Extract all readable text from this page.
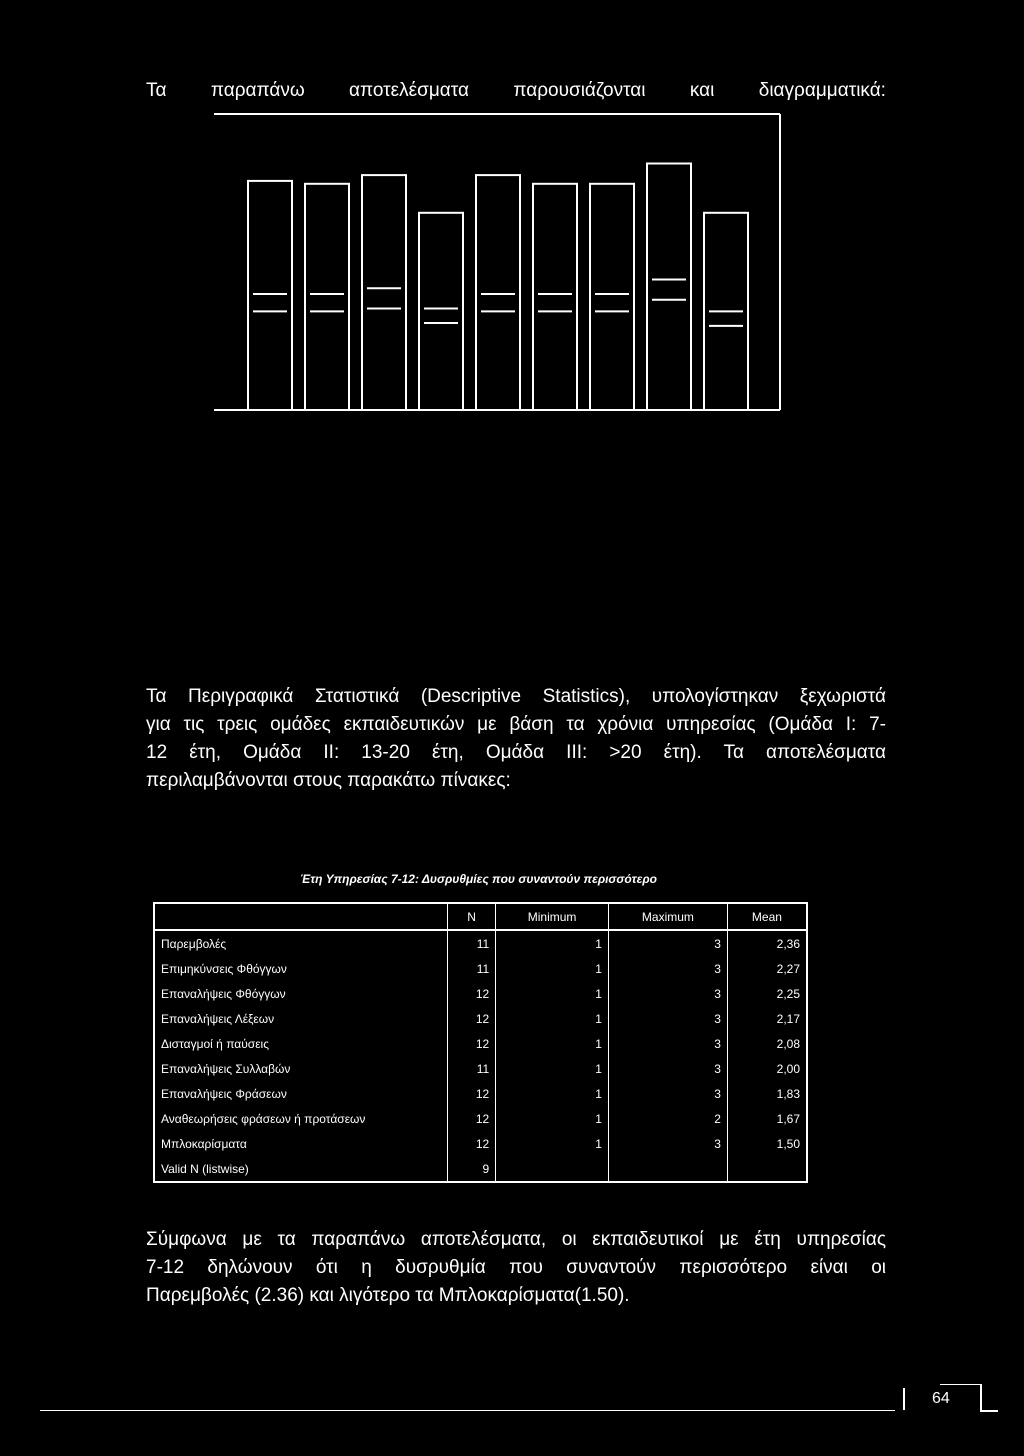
Τα παραπάνω αποτελέσματα παρουσιάζονται και διαγραμματικά:
Τα Περιγραφικά Στατιστικά (Descriptive Statistics), υπολογίστηκαν ξεχωριστά
για τις τρεις ομάδες εκπαιδευτικών με βάση τα χρόνια υπηρεσίας (Ομάδα Ι: 7-
12 έτη, Ομάδα ΙΙ: 13-20 έτη, Ομάδα ΙΙΙ: >20 έτη). Τα αποτελέσματα
περιλαμβάνονται στους παρακάτω πίνακες:
Έτη Υπηρεσίας 7-12: Δυσρυθμίες που συναντούν περισσότερο
	N	Minimum	Maximum	Mean
Παρεμβολές	11	1	3	2,36
Επιμηκύνσεις Φθόγγων	11	1	3	2,27
Επαναλήψεις Φθόγγων	12	1	3	2,25
Επαναλήψεις Λέξεων	12	1	3	2,17
Δισταγμοί ή παύσεις	12	1	3	2,08
Επαναλήψεις Συλλαβών	11	1	3	2,00
Επαναλήψεις Φράσεων	12	1	3	1,83
Αναθεωρήσεις φράσεων ή προτάσεων	12	1	2	1,67
Μπλοκαρίσματα	12	1	3	1,50
Valid N (listwise)	9			
Σύμφωνα με τα παραπάνω αποτελέσματα, οι εκπαιδευτικοί με έτη υπηρεσίας
7-12 δηλώνουν ότι η δυσρυθμία που συναντούν περισσότερο είναι οι
Παρεμβολές (2.36) και λιγότερο τα Μπλοκαρίσματα(1.50).
64
